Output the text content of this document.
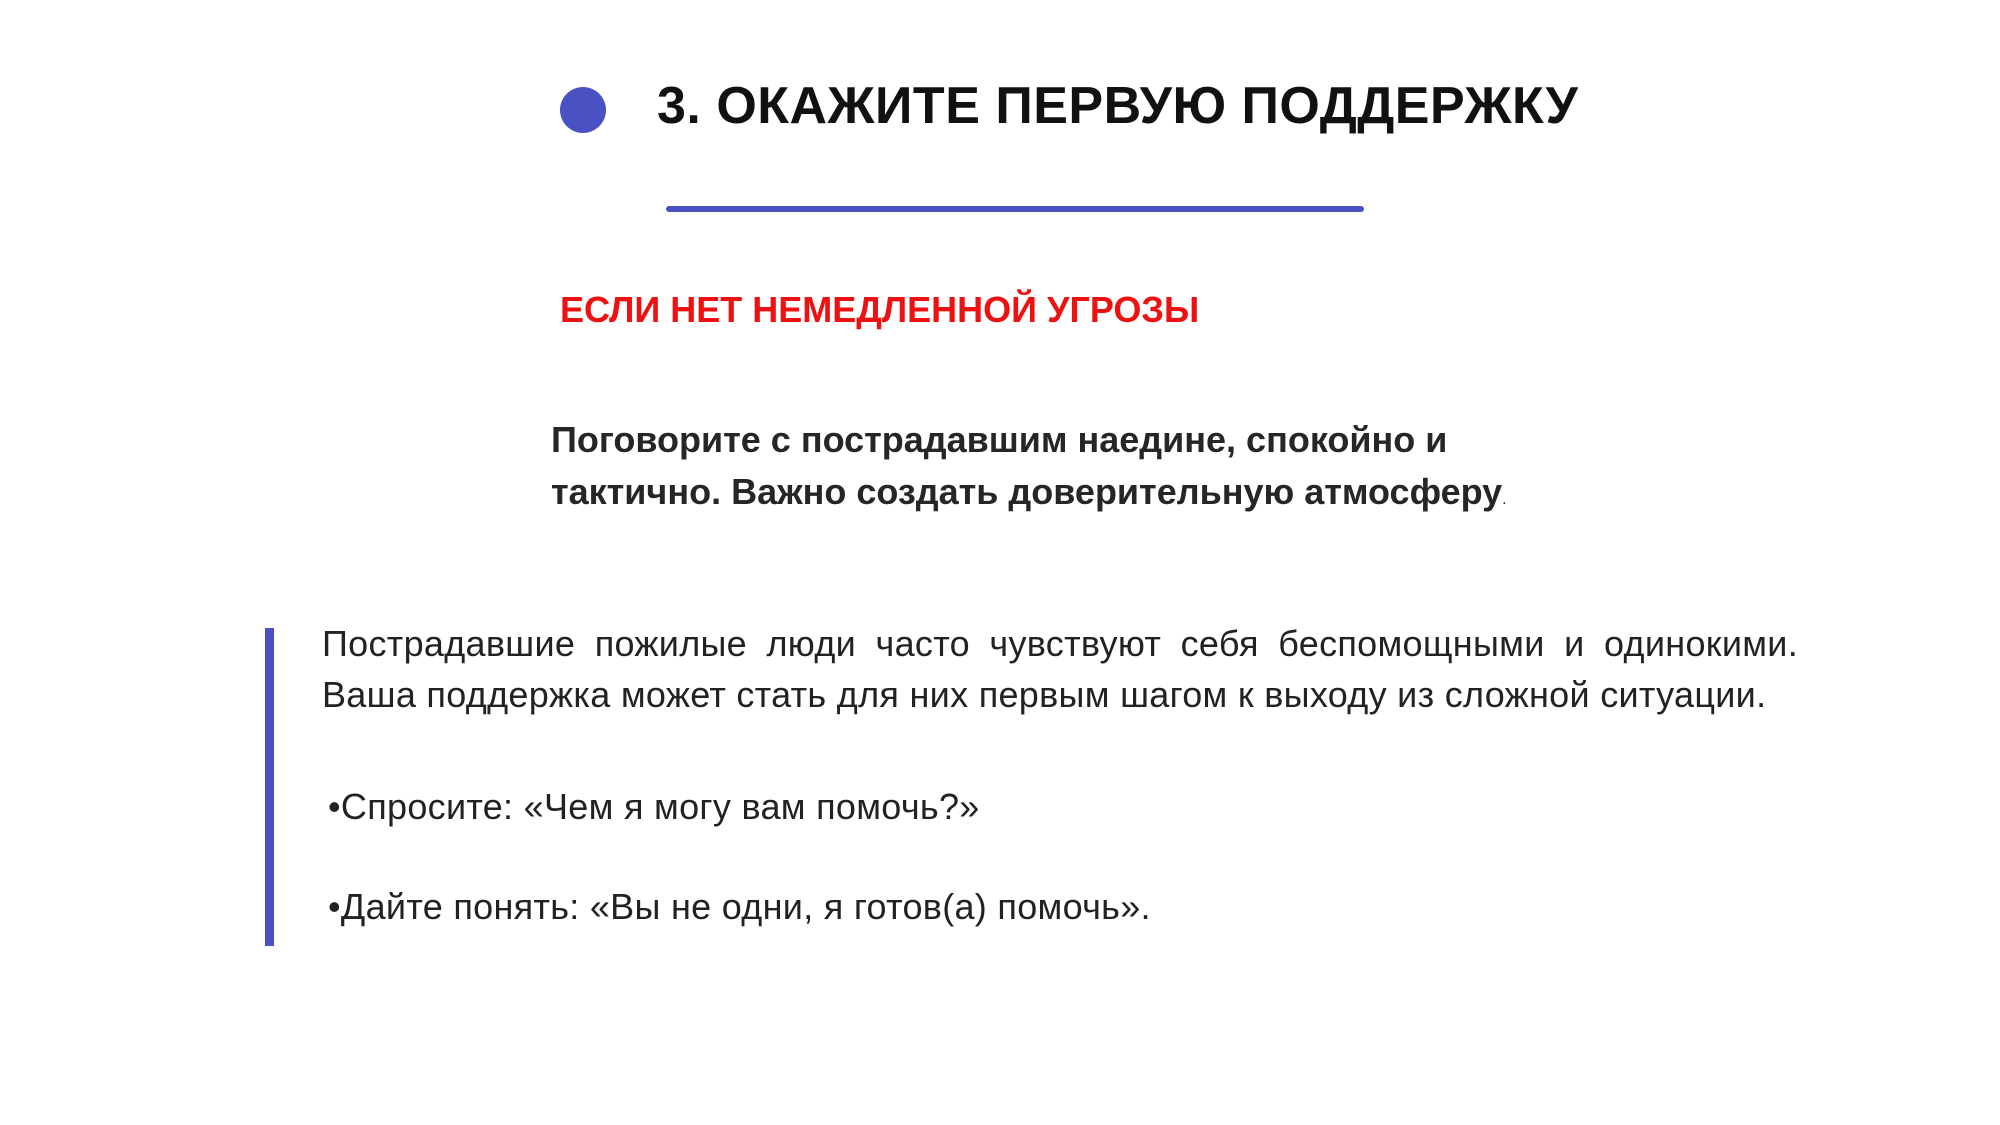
3. ОКАЖИТЕ ПЕРВУЮ ПОДДЕРЖКУ
ЕСЛИ НЕТ НЕМЕДЛЕННОЙ УГРОЗЫ

Поговорите с пострадавшим наедине, спокойно и
тактично. Важно создать доверительную атмосферу.

Пострадавшие пожилые люди часто чувствуют себя беспомощными и одинокими. Ваша поддержка может стать для них первым шагом к выходу из сложной ситуации.

•Спросите: «Чем я могу вам помочь?»

•Дайте понять: «Вы не одни, я готов(а) помочь».
